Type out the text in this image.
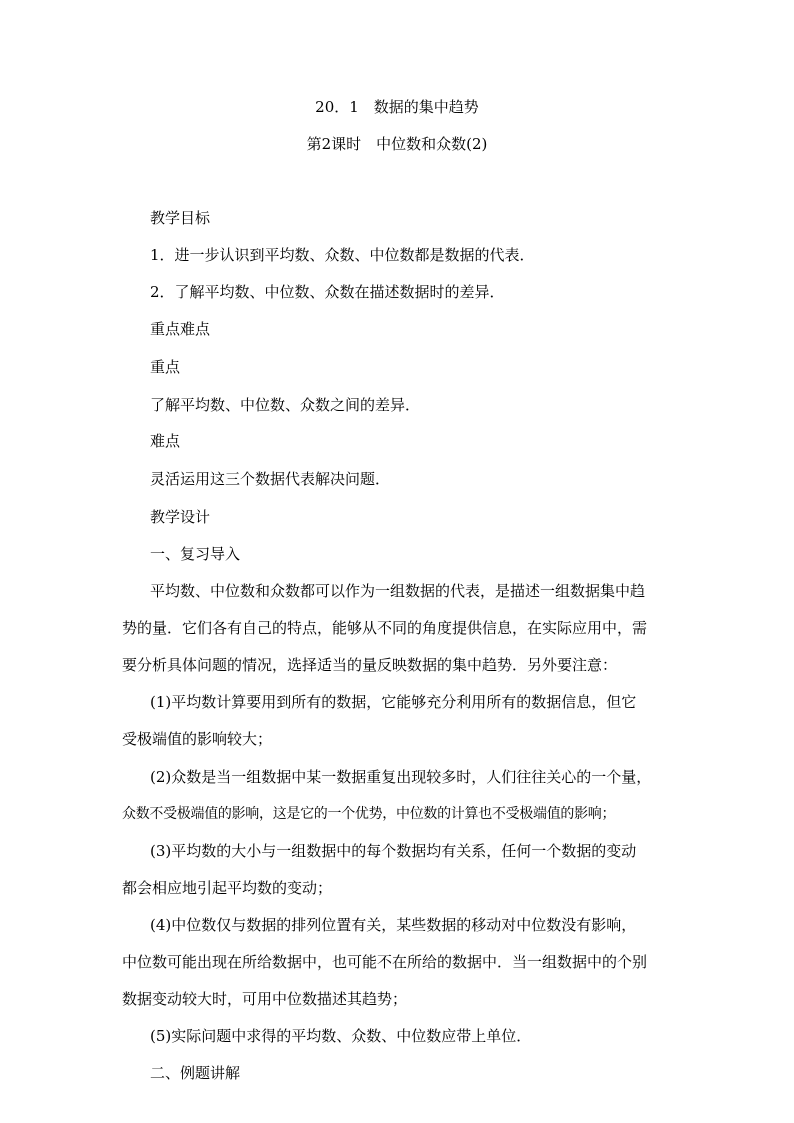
20．1　数据的集中趋势
第2课时　中位数和众数(2)
教学目标
1．进一步认识到平均数、众数、中位数都是数据的代表．
2．了解平均数、中位数、众数在描述数据时的差异．
重点难点
重点
了解平均数、中位数、众数之间的差异．
难点
灵活运用这三个数据代表解决问题．
教学设计
一、复习导入
平均数、中位数和众数都可以作为一组数据的代表，是描述一组数据集中趋
势的量．它们各有自己的特点，能够从不同的角度提供信息，在实际应用中，需
要分析具体问题的情况，选择适当的量反映数据的集中趋势．另外要注意：
(1)平均数计算要用到所有的数据，它能够充分利用所有的数据信息，但它
受极端值的影响较大；
(2)众数是当一组数据中某一数据重复出现较多时，人们往往关心的一个量，
众数不受极端值的影响，这是它的一个优势，中位数的计算也不受极端值的影响；
(3)平均数的大小与一组数据中的每个数据均有关系，任何一个数据的变动
都会相应地引起平均数的变动；
(4)中位数仅与数据的排列位置有关，某些数据的移动对中位数没有影响，
中位数可能出现在所给数据中，也可能不在所给的数据中．当一组数据中的个别
数据变动较大时，可用中位数描述其趋势；
(5)实际问题中求得的平均数、众数、中位数应带上单位．
二、例题讲解
